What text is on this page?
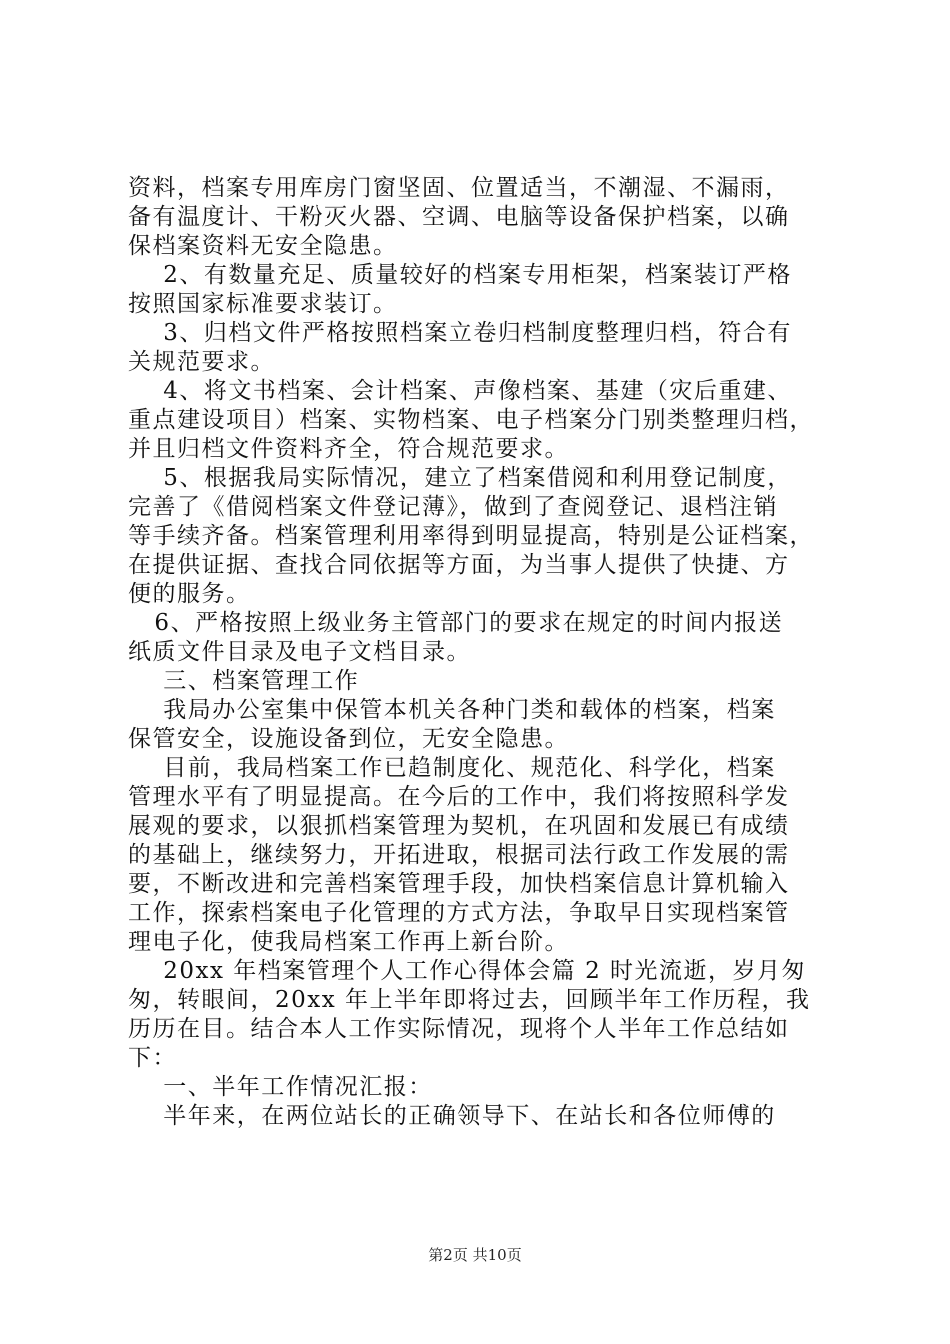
资料，档案专用库房门窗坚固、位置适当，不潮湿、不漏雨，
备有温度计、干粉灭火器、空调、电脑等设备保护档案，以确
保档案资料无安全隐患。
2、有数量充足、质量较好的档案专用柜架，档案装订严格
按照国家标准要求装订。
3、归档文件严格按照档案立卷归档制度整理归档，符合有
关规范要求。
4、将文书档案、会计档案、声像档案、基建（灾后重建、
重点建设项目）档案、实物档案、电子档案分门别类整理归档，
并且归档文件资料齐全，符合规范要求。
5、根据我局实际情况，建立了档案借阅和利用登记制度，
完善了《借阅档案文件登记薄》，做到了查阅登记、退档注销
等手续齐备。档案管理利用率得到明显提高，特别是公证档案，
在提供证据、查找合同依据等方面，为当事人提供了快捷、方
便的服务。
6、严格按照上级业务主管部门的要求在规定的时间内报送
纸质文件目录及电子文档目录。
三、档案管理工作
我局办公室集中保管本机关各种门类和载体的档案，档案
保管安全，设施设备到位，无安全隐患。
目前，我局档案工作已趋制度化、规范化、科学化，档案
管理水平有了明显提高。在今后的工作中，我们将按照科学发
展观的要求，以狠抓档案管理为契机，在巩固和发展已有成绩
的基础上，继续努力，开拓进取，根据司法行政工作发展的需
要，不断改进和完善档案管理手段，加快档案信息计算机输入
工作，探索档案电子化管理的方式方法，争取早日实现档案管
理电子化，使我局档案工作再上新台阶。
20xx 年档案管理个人工作心得体会篇 2 时光流逝，岁月匆
匆，转眼间，20xx 年上半年即将过去，回顾半年工作历程，我
历历在目。结合本人工作实际情况，现将个人半年工作总结如
下：
一、半年工作情况汇报：
半年来，在两位站长的正确领导下、在站长和各位师傅的
第2页 共10页
